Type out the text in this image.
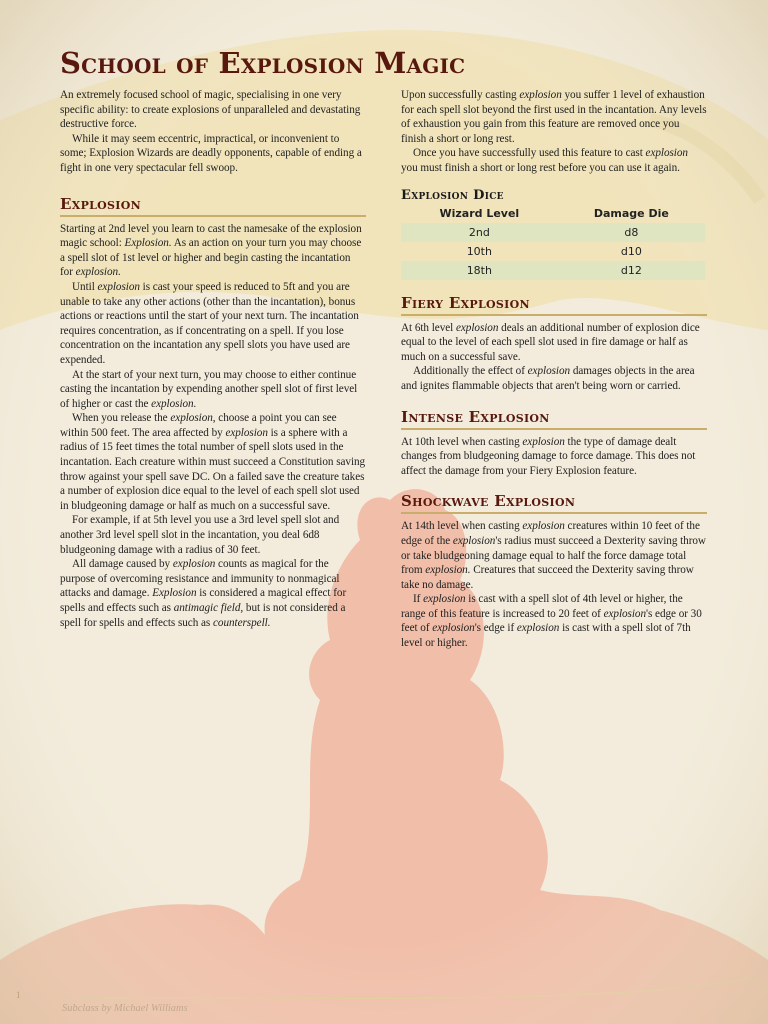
School of Explosion Magic

An extremely focused school of magic, specialising in one very specific ability: to create explosions of unparalleled and devastating destructive force.

While it may seem eccentric, impractical, or inconvenient to some; Explosion Wizards are deadly opponents, capable of ending a fight in one very spectacular fell swoop.

Explosion

Starting at 2nd level you learn to cast the namesake of the explosion magic school: Explosion. As an action on your turn you may choose a spell slot of 1st level or higher and begin casting the incantation for explosion.

Until explosion is cast your speed is reduced to 5ft and you are unable to take any other actions (other than the incantation), bonus actions or reactions until the start of your next turn. The incantation requires concentration, as if concentrating on a spell. If you lose concentration on the incantation any spell slots you have used are expended.

At the start of your next turn, you may choose to either continue casting the incantation by expending another spell slot of first level of higher or cast the explosion.

When you release the explosion, choose a point you can see within 500 feet. The area affected by explosion is a sphere with a radius of 15 feet times the total number of spell slots used in the incantation. Each creature within must succeed a Constitution saving throw against your spell save DC. On a failed save the creature takes a number of explosion dice equal to the level of each spell slot used in bludgeoning damage or half as much on a successful save.

For example, if at 5th level you use a 3rd level spell slot and another 3rd level spell slot in the incantation, you deal 6d8 bludgeoning damage with a radius of 30 feet.

All damage caused by explosion counts as magical for the purpose of overcoming resistance and immunity to nonmagical attacks and damage. Explosion is considered a magical effect for spells and effects such as antimagic field, but is not considered a spell for spells and effects such as counterspell.

Upon successfully casting explosion you suffer 1 level of exhaustion for each spell slot beyond the first used in the incantation. Any levels of exhaustion you gain from this feature are removed once you finish a short or long rest.

Once you have successfully used this feature to cast explosion you must finish a short or long rest before you can use it again.

Explosion Dice
Wizard Level	Damage Die
2nd	d8
10th	d10
18th	d12
Fiery Explosion

At 6th level explosion deals an additional number of explosion dice equal to the level of each spell slot used in fire damage or half as much on a successful save.

Additionally the effect of explosion damages objects in the area and ignites flammable objects that aren't being worn or carried.

Intense Explosion

At 10th level when casting explosion the type of damage dealt changes from bludgeoning damage to force damage. This does not affect the damage from your Fiery Explosion feature.

Shockwave Explosion

At 14th level when casting explosion creatures within 10 feet of the edge of the explosion's radius must succeed a Dexterity saving throw or take bludgeoning damage equal to half the force damage total from explosion. Creatures that succeed the Dexterity saving throw take no damage.

If explosion is cast with a spell slot of 4th level or higher, the range of this feature is increased to 20 feet of explosion's edge or 30 feet of explosion's edge if explosion is cast with a spell slot of 7th level or higher.

1
Subclass by Michael Williams
